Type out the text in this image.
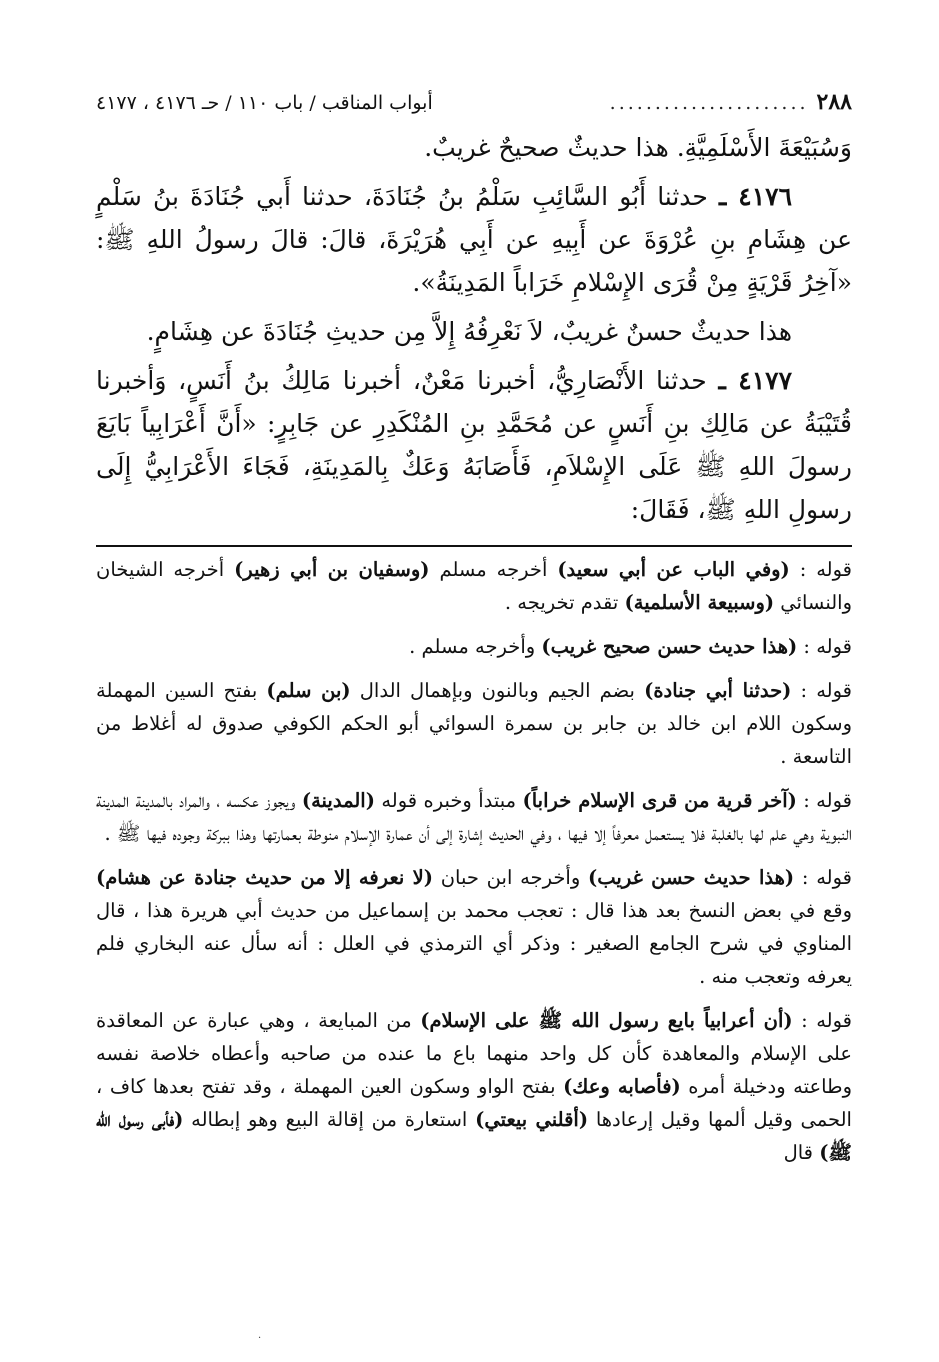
٢٨٨
......................
أبواب المناقب / باب ١١٠ / حـ ٤١٧٦ ، ٤١٧٧

وَسُبَيْعَةَ الأَسْلَمِيَّةِ. هذا حديثٌ صحيحٌ غريبٌ.

٤١٧٦ ـ حدثنا أَبُو السَّائِبِ سَلْمُ بنُ جُنَادَةَ، حدثنا أَبي جُنَادَةَ بنُ سَلْمٍ عن هِشَامِ بنِ عُرْوَةَ عن أَبِيهِ عن أَبِي هُرَيْرَةَ، قالَ: قالَ رسولُ اللهِ ﷺ: «آخِرُ قَرْيَةٍ مِنْ قُرَى الإِسْلامِ خَرَاباً المَدِينَةُ».

هذا حديثٌ حسنٌ غريبٌ، لاَ نَعْرِفُهُ إِلاَّ مِن حديثِ جُنَادَةَ عن هِشَامٍ.

٤١٧٧ ـ حدثنا الأَنْصَارِيُّ، أخبرنا مَعْنٌ، أخبرنا مَالِكُ بنُ أَنَسٍ، وَأخبرنا قُتَيْبَةُ عن مَالِكِ بنِ أَنَسٍ عن مُحَمَّدِ بنِ المُنْكَدِرِ عن جَابِرٍ: «أَنَّ أَعْرَابِياً بَايَعَ رسولَ اللهِ ﷺ عَلَى الإِسْلاَمِ، فَأَصَابَهُ وَعَكٌ بِالمَدِينَةِ، فَجَاءَ الأَعْرَابِيُّ إِلَى رسولِ اللهِ ﷺ، فَقَالَ:

قوله : (وفي الباب عن أبي سعيد) أخرجه مسلم (وسفيان بن أبي زهير) أخرجه الشيخان والنسائي (وسبيعة الأسلمية) تقدم تخريجه .

قوله : (هذا حديث حسن صحيح غريب) وأخرجه مسلم .

قوله : (حدثنا أبي جنادة) بضم الجيم وبالنون وبإهمال الدال (بن سلم) بفتح السين المهملة وسكون اللام ابن خالد بن جابر بن سمرة السوائي أبو الحكم الكوفي صدوق له أغلاط من التاسعة .

قوله : (آخر قرية من قرى الإسلام خراباً) مبتدأ وخبره قوله (المدينة) ويجوز عكسه ، والمراد بالمدينة المدينة النبوية وهي علم لها بالغلبة فلا يستعمل معرفاً إلا فيها ، وفي الحديث إشارة إلى أن عمارة الإسلام منوطة بعمارتها وهذا ببركة وجوده فيها ﷺ .

قوله : (هذا حديث حسن غريب) وأخرجه ابن حبان (لا نعرفه إلا من حديث جنادة عن هشام) وقع في بعض النسخ بعد هذا قال : تعجب محمد بن إسماعيل من حديث أبي هريرة هذا ، قال المناوي في شرح الجامع الصغير : وذكر أي الترمذي في العلل : أنه سأل عنه البخاري فلم يعرفه وتعجب منه .

قوله : (أن أعرابياً بايع رسول الله ﷺ على الإسلام) من المبايعة ، وهي عبارة عن المعاقدة على الإسلام والمعاهدة كأن كل واحد منهما باع ما عنده من صاحبه وأعطاه خلاصة نفسه وطاعته ودخيلة أمره (فأصابه وعك) بفتح الواو وسكون العين المهملة ، وقد تفتح بعدها كاف ، الحمى وقيل ألمها وقيل إرعادها (أقلني بيعتي) استعارة من إقالة البيع وهو إبطاله (فأبى رسول الله ﷺ) قال

·
